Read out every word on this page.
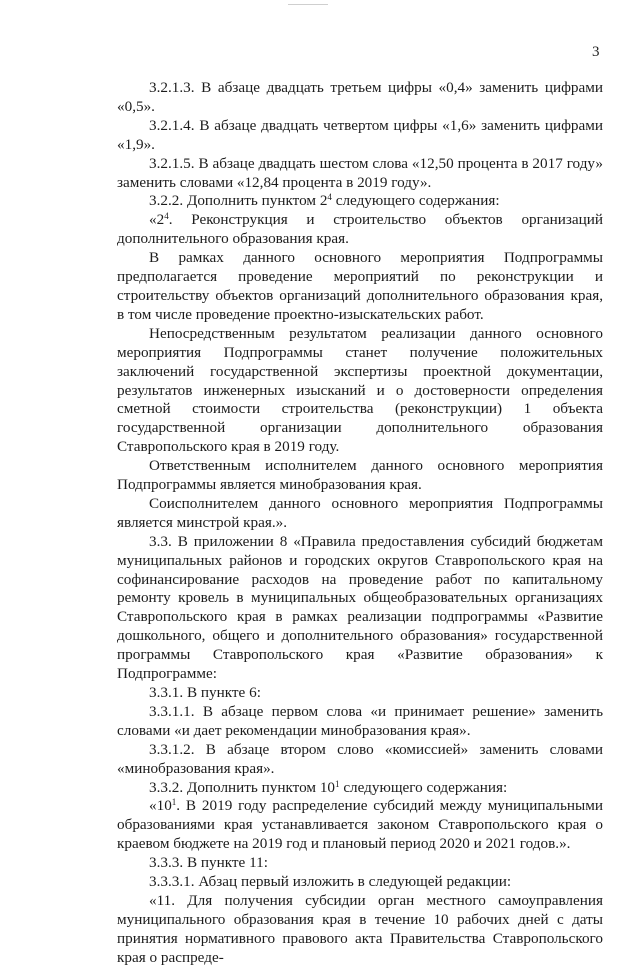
3

3.2.1.3. В абзаце двадцать третьем цифры «0,4» заменить цифрами «0,5».

3.2.1.4. В абзаце двадцать четвертом цифры «1,6» заменить цифрами «1,9».

3.2.1.5. В абзаце двадцать шестом слова «12,50 процента в 2017 году» заменить словами «12,84 процента в 2019 году».

3.2.2. Дополнить пунктом $2^4$ следующего содержания:

«$2^4$. Реконструкция и строительство объектов организаций дополнительного образования края.

В рамках данного основного мероприятия Подпрограммы предполагается проведение мероприятий по реконструкции и строительству объектов организаций дополнительного образования края, в том числе проведение проектно-изыскательских работ.

Непосредственным результатом реализации данного основного мероприятия Подпрограммы станет получение положительных заключений государственной экспертизы проектной документации, результатов инженерных изысканий и о достоверности определения сметной стоимости строительства (реконструкции) 1 объекта государственной организации дополнительного образования Ставропольского края в 2019 году.

Ответственным исполнителем данного основного мероприятия Подпрограммы является минобразования края.

Соисполнителем данного основного мероприятия Подпрограммы является минстрой края.».

3.3. В приложении 8 «Правила предоставления субсидий бюджетам муниципальных районов и городских округов Ставропольского края на софинансирование расходов на проведение работ по капитальному ремонту кровель в муниципальных общеобразовательных организациях Ставропольского края в рамках реализации подпрограммы «Развитие дошкольного, общего и дополнительного образования» государственной программы Ставропольского края «Развитие образования» к Подпрограмме:

3.3.1. В пункте 6:

3.3.1.1. В абзаце первом слова «и принимает решение» заменить словами «и дает рекомендации минобразования края».

3.3.1.2. В абзаце втором слово «комиссией» заменить словами «минобразования края».

3.3.2. Дополнить пунктом $10^1$ следующего содержания:

«$10^1$. В 2019 году распределение субсидий между муниципальными образованиями края устанавливается законом Ставропольского края о краевом бюджете на 2019 год и плановый период 2020 и 2021 годов.».

3.3.3. В пункте 11:

3.3.3.1. Абзац первый изложить в следующей редакции:

«11. Для получения субсидии орган местного самоуправления муниципального образования края в течение 10 рабочих дней с даты принятия нормативного правового акта Правительства Ставропольского края о распреде-
